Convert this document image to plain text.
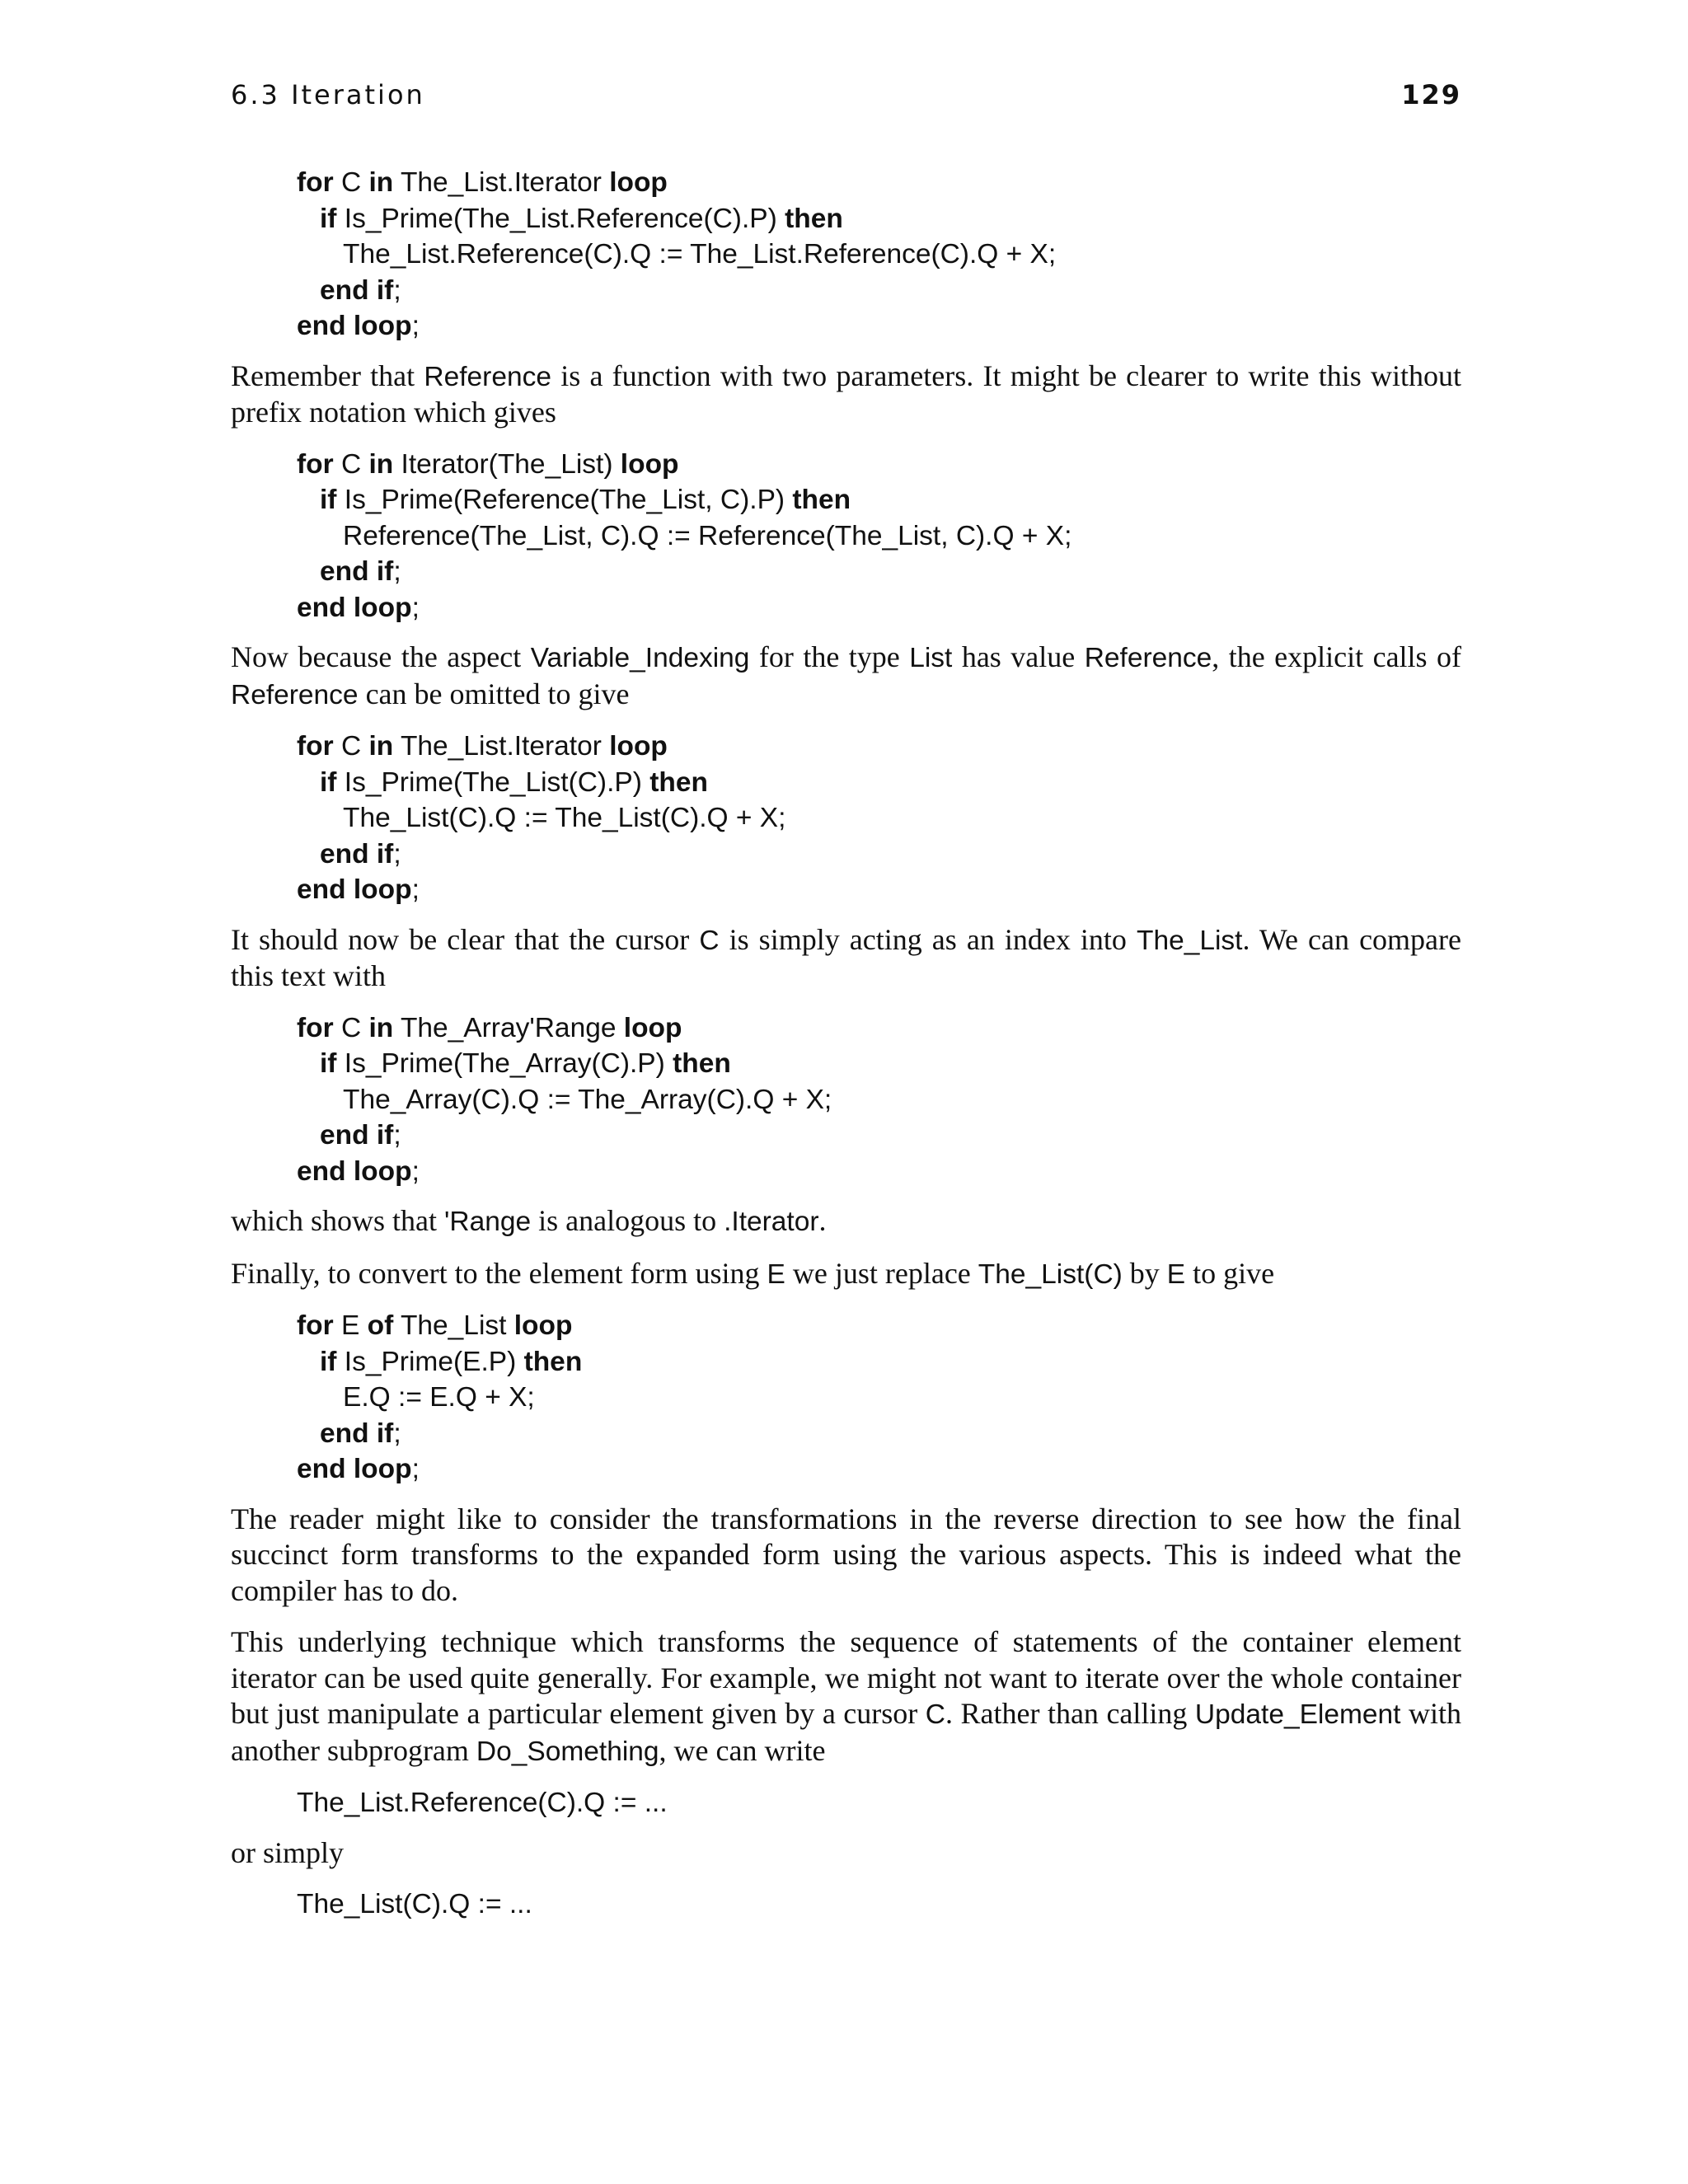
6.3 Iteration	129
for C in The_List.Iterator loop
if Is_Prime(The_List.Reference(C).P) then
The_List.Reference(C).Q := The_List.Reference(C).Q + X;
end if;
end loop;

Remember that Reference is a function with two parameters. It might be clearer to write this without prefix notation which gives

for C in Iterator(The_List) loop
if Is_Prime(Reference(The_List, C).P) then
Reference(The_List, C).Q := Reference(The_List, C).Q + X;
end if;
end loop;

Now because the aspect Variable_Indexing for the type List has value Reference, the explicit calls of Reference can be omitted to give

for C in The_List.Iterator loop
if Is_Prime(The_List(C).P) then
The_List(C).Q := The_List(C).Q + X;
end if;
end loop;

It should now be clear that the cursor C is simply acting as an index into The_List. We can compare this text with

for C in The_Array'Range loop
if Is_Prime(The_Array(C).P) then
The_Array(C).Q := The_Array(C).Q + X;
end if;
end loop;

which shows that 'Range is analogous to .Iterator.

Finally, to convert to the element form using E we just replace The_List(C) by E to give

for E of The_List loop
if Is_Prime(E.P) then
E.Q := E.Q + X;
end if;
end loop;

The reader might like to consider the transformations in the reverse direction to see how the final succinct form transforms to the expanded form using the various aspects. This is indeed what the compiler has to do.

This underlying technique which transforms the sequence of statements of the container element iterator can be used quite generally. For example, we might not want to iterate over the whole container but just manipulate a particular element given by a cursor C. Rather than calling Update_Element with another subprogram Do_Something, we can write

The_List.Reference(C).Q := ...

or simply

The_List(C).Q := ...
